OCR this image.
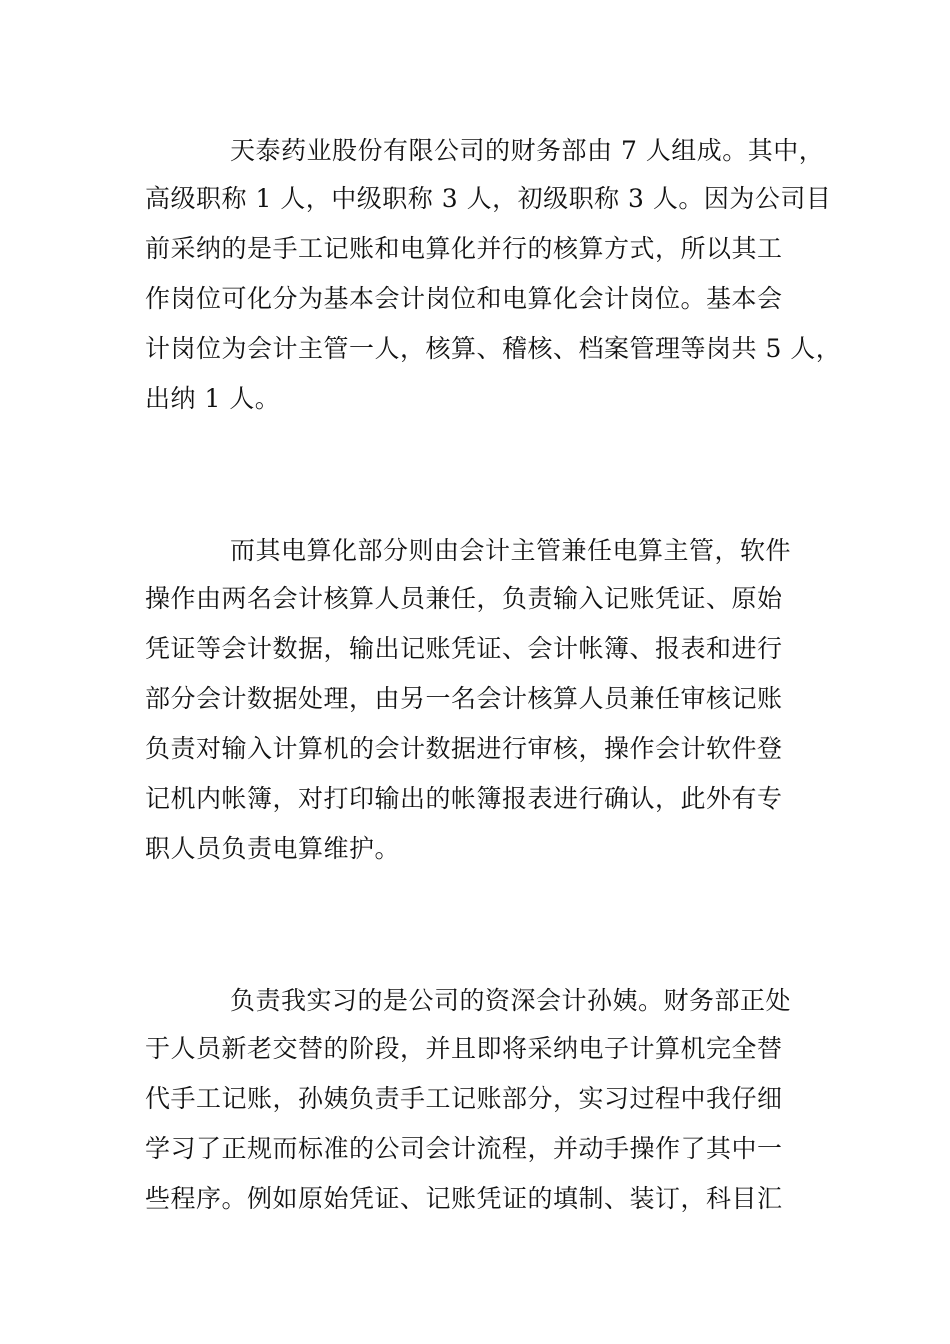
天泰药业股份有限公司的财务部由 7 人组成。其中，
高级职称 1 人，中级职称 3 人，初级职称 3 人。因为公司目
前采纳的是手工记账和电算化并行的核算方式，所以其工
作岗位可化分为基本会计岗位和电算化会计岗位。基本会
计岗位为会计主管一人，核算、稽核、档案管理等岗共 5 人，
出纳 1 人。
而其电算化部分则由会计主管兼任电算主管，软件
操作由两名会计核算人员兼任，负责输入记账凭证、原始
凭证等会计数据，输出记账凭证、会计帐簿、报表和进行
部分会计数据处理，由另一名会计核算人员兼任审核记账
负责对输入计算机的会计数据进行审核，操作会计软件登
记机内帐簿，对打印输出的帐簿报表进行确认，此外有专
职人员负责电算维护。
负责我实习的是公司的资深会计孙姨。财务部正处
于人员新老交替的阶段，并且即将采纳电子计算机完全替
代手工记账，孙姨负责手工记账部分，实习过程中我仔细
学习了正规而标准的公司会计流程，并动手操作了其中一
些程序。例如原始凭证、记账凭证的填制、装订，科目汇
